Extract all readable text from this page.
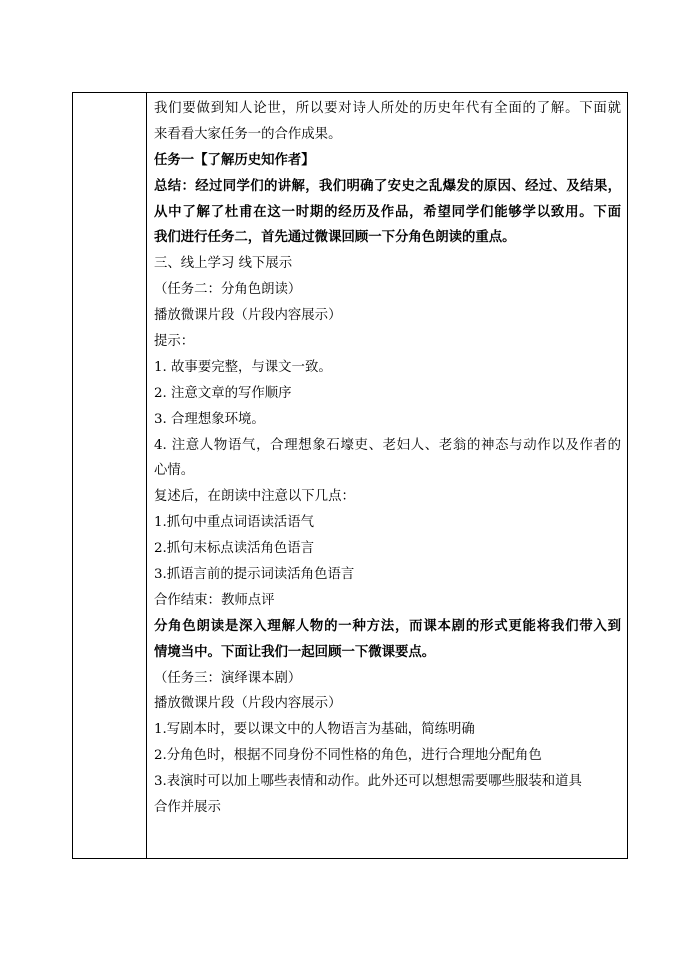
我们要做到知人论世，所以要对诗人所处的历史年代有全面的了解。下面就
来看看大家任务一的合作成果。
任务一【了解历史知作者】
总结：经过同学们的讲解，我们明确了安史之乱爆发的原因、经过、及结果，
从中了解了杜甫在这一时期的经历及作品，希望同学们能够学以致用。下面
我们进行任务二，首先通过微课回顾一下分角色朗读的重点。
三、线上学习 线下展示
（任务二：分角色朗读）
播放微课片段（片段内容展示）
提示：
1. 故事要完整，与课文一致。
2. 注意文章的写作顺序
3. 合理想象环境。
4. 注意人物语气，合理想象石壕吏、老妇人、老翁的神态与动作以及作者的
心情。
复述后，在朗读中注意以下几点：
1.抓句中重点词语读活语气
2.抓句末标点读活角色语言
3.抓语言前的提示词读活角色语言
合作结束：教师点评
分角色朗读是深入理解人物的一种方法，而课本剧的形式更能将我们带入到
情境当中。下面让我们一起回顾一下微课要点。
（任务三：演绎课本剧）
播放微课片段（片段内容展示）
1.写剧本时，要以课文中的人物语言为基础，简练明确
2.分角色时，根据不同身份不同性格的角色，进行合理地分配角色
3.表演时可以加上哪些表情和动作。此外还可以想想需要哪些服装和道具
合作并展示
